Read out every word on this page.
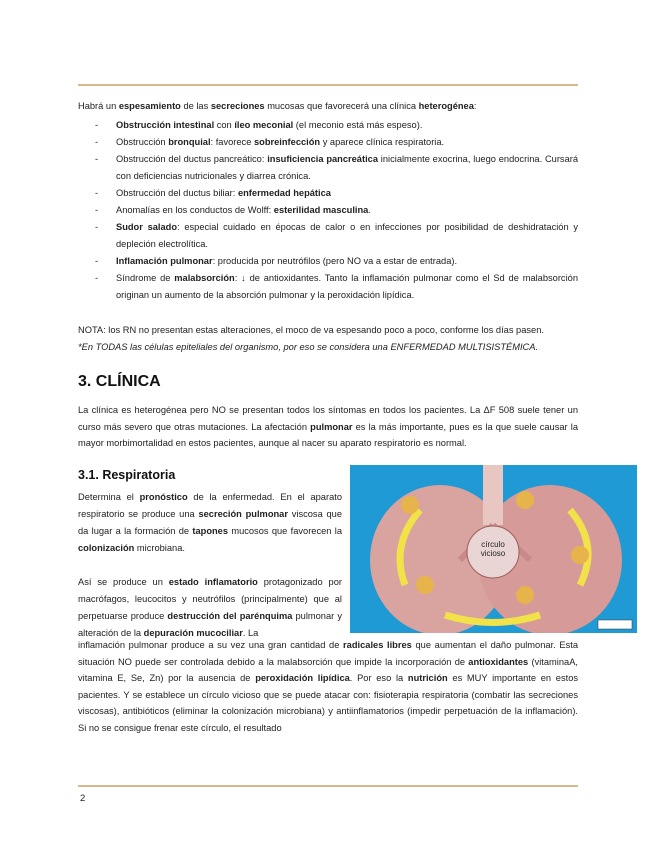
Habrá un espesamiento de las secreciones mucosas que favorecerá una clínica heterogénea:
- Obstrucción intestinal con íleo meconial (el meconio está más espeso).
- Obstrucción bronquial: favorece sobreinfección y aparece clínica respiratoria.
- Obstrucción del ductus pancreático: insuficiencia pancreática inicialmente exocrina, luego endocrina. Cursará con deficiencias nutricionales y diarrea crónica.
- Obstrucción del ductus biliar: enfermedad hepática
- Anomalías en los conductos de Wolff: esterilidad masculina.
- Sudor salado: especial cuidado en épocas de calor o en infecciones por posibilidad de deshidratación y depleción electrolítica.
- Inflamación pulmonar: producida por neutrófilos (pero NO va a estar de entrada).
- Síndrome de malabsorción: ↓ de antioxidantes. Tanto la inflamación pulmonar como el Sd de malabsorción originan un aumento de la absorción pulmonar y la peroxidación lipídica.
NOTA: los RN no presentan estas alteraciones, el moco de va espesando poco a poco, conforme los días pasen.
*En TODAS las células epiteliales del organismo, por eso se considera una ENFERMEDAD MULTISISTÉMICA.
3. CLÍNICA
La clínica es heterogénea pero NO se presentan todos los síntomas en todos los pacientes. La ΔF 508 suele tener un curso más severo que otras mutaciones. La afectación pulmonar es la más importante, pues es la que suele causar la mayor morbimortalidad en estos pacientes, aunque al nacer su aparato respiratorio es normal.
3.1. Respiratoria
Determina el pronóstico de la enfermedad. En el aparato respiratorio se produce una secreción pulmonar viscosa que da lugar a la formación de tapones mucosos que favorecen la colonización microbiana.
Así se produce un estado inflamatorio protagonizado por macrófagos, leucocitos y neutrófilos (principalmente) que al perpetuarse produce destrucción del parénquima pulmonar y alteración de la depuración mucociliar. La
círculo vicioso
inflamación pulmonar produce a su vez una gran cantidad de radicales libres que aumentan el daño pulmonar. Esta situación NO puede ser controlada debido a la malabsorción que impide la incorporación de antioxidantes (vitaminaA, vitamina E, Se, Zn) por la ausencia de peroxidación lipídica. Por eso la nutrición es MUY importante en estos pacientes. Y se establece un círculo vicioso que se puede atacar con: fisioterapia respiratoria (combatir las secreciones viscosas), antibióticos (eliminar la colonización microbiana) y antiinflamatorios (impedir perpetuación de la inflamación). Si no se consigue frenar este círculo, el resultado
2
